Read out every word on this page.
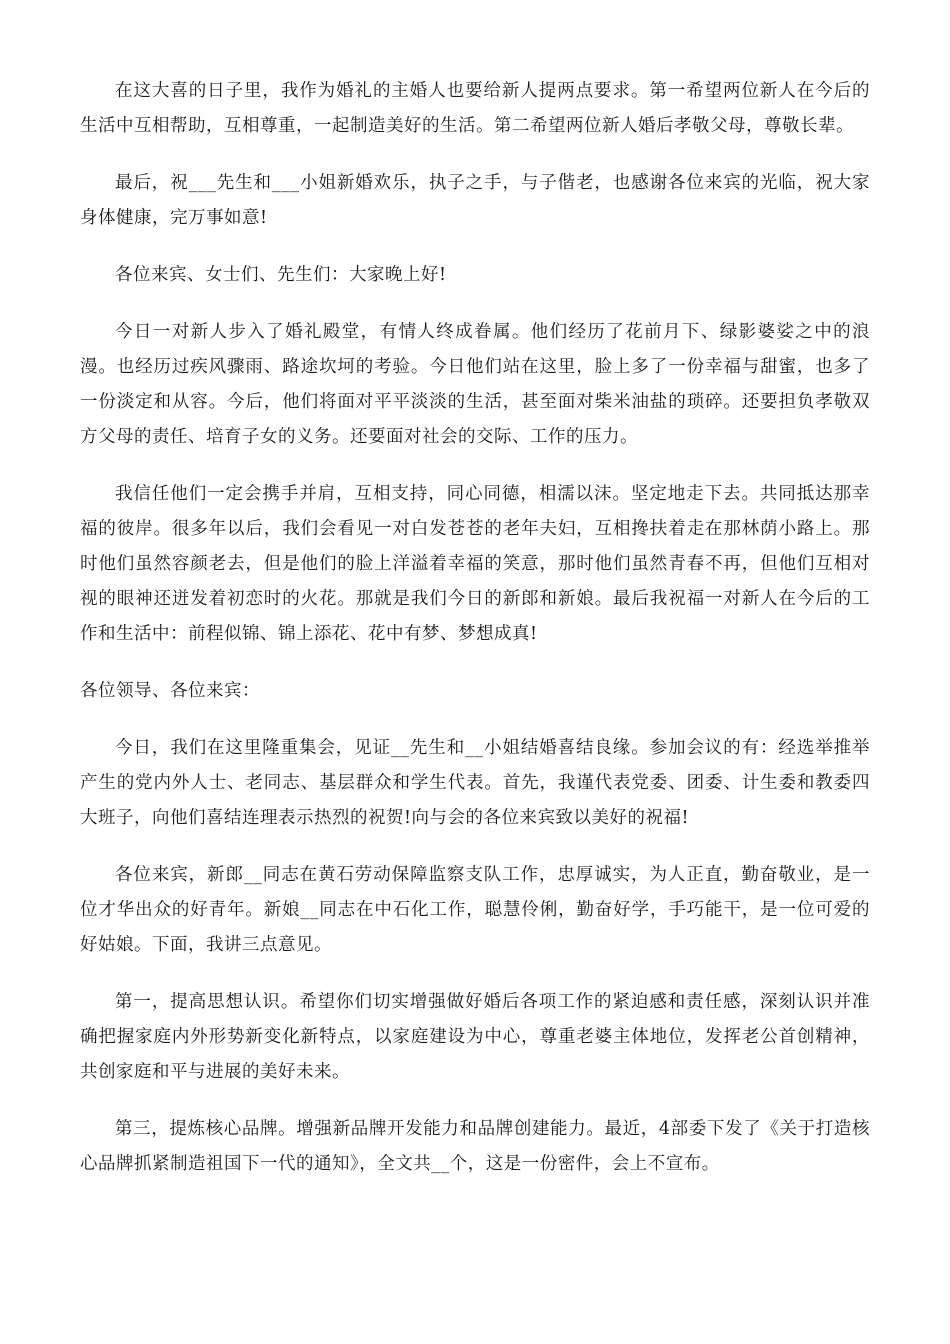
在这大喜的日子里，我作为婚礼的主婚人也要给新人提两点要求。第一希望两位新人在今后的生活中互相帮助，互相尊重，一起制造美好的生活。第二希望两位新人婚后孝敬父母，尊敬长辈。

最后，祝___先生和___小姐新婚欢乐，执子之手，与子偕老，也感谢各位来宾的光临，祝大家身体健康，完万事如意!

各位来宾、女士们、先生们：大家晚上好!

今日一对新人步入了婚礼殿堂，有情人终成眷属。他们经历了花前月下、绿影婆娑之中的浪漫。也经历过疾风骤雨、路途坎坷的考验。今日他们站在这里，脸上多了一份幸福与甜蜜，也多了一份淡定和从容。今后，他们将面对平平淡淡的生活，甚至面对柴米油盐的琐碎。还要担负孝敬双方父母的责任、培育子女的义务。还要面对社会的交际、工作的压力。

我信任他们一定会携手并肩，互相支持，同心同德，相濡以沫。坚定地走下去。共同抵达那幸福的彼岸。很多年以后，我们会看见一对白发苍苍的老年夫妇，互相搀扶着走在那林荫小路上。那时他们虽然容颜老去，但是他们的脸上洋溢着幸福的笑意，那时他们虽然青春不再，但他们互相对视的眼神还迸发着初恋时的火花。那就是我们今日的新郎和新娘。最后我祝福一对新人在今后的工作和生活中：前程似锦、锦上添花、花中有梦、梦想成真!

各位领导、各位来宾：

今日，我们在这里隆重集会，见证__先生和__小姐结婚喜结良缘。参加会议的有：经选举推举产生的党内外人士、老同志、基层群众和学生代表。首先，我谨代表党委、团委、计生委和教委四大班子，向他们喜结连理表示热烈的祝贺!向与会的各位来宾致以美好的祝福!

各位来宾，新郎__同志在黄石劳动保障监察支队工作，忠厚诚实，为人正直，勤奋敬业，是一位才华出众的好青年。新娘__同志在中石化工作，聪慧伶俐，勤奋好学，手巧能干，是一位可爱的好姑娘。下面，我讲三点意见。

第一，提高思想认识。希望你们切实增强做好婚后各项工作的紧迫感和责任感，深刻认识并准确把握家庭内外形势新变化新特点，以家庭建设为中心，尊重老婆主体地位，发挥老公首创精神，共创家庭和平与进展的美好未来。

第三，提炼核心品牌。增强新品牌开发能力和品牌创建能力。最近，4部委下发了《关于打造核心品牌抓紧制造祖国下一代的通知》，全文共__个，这是一份密件，会上不宣布。
